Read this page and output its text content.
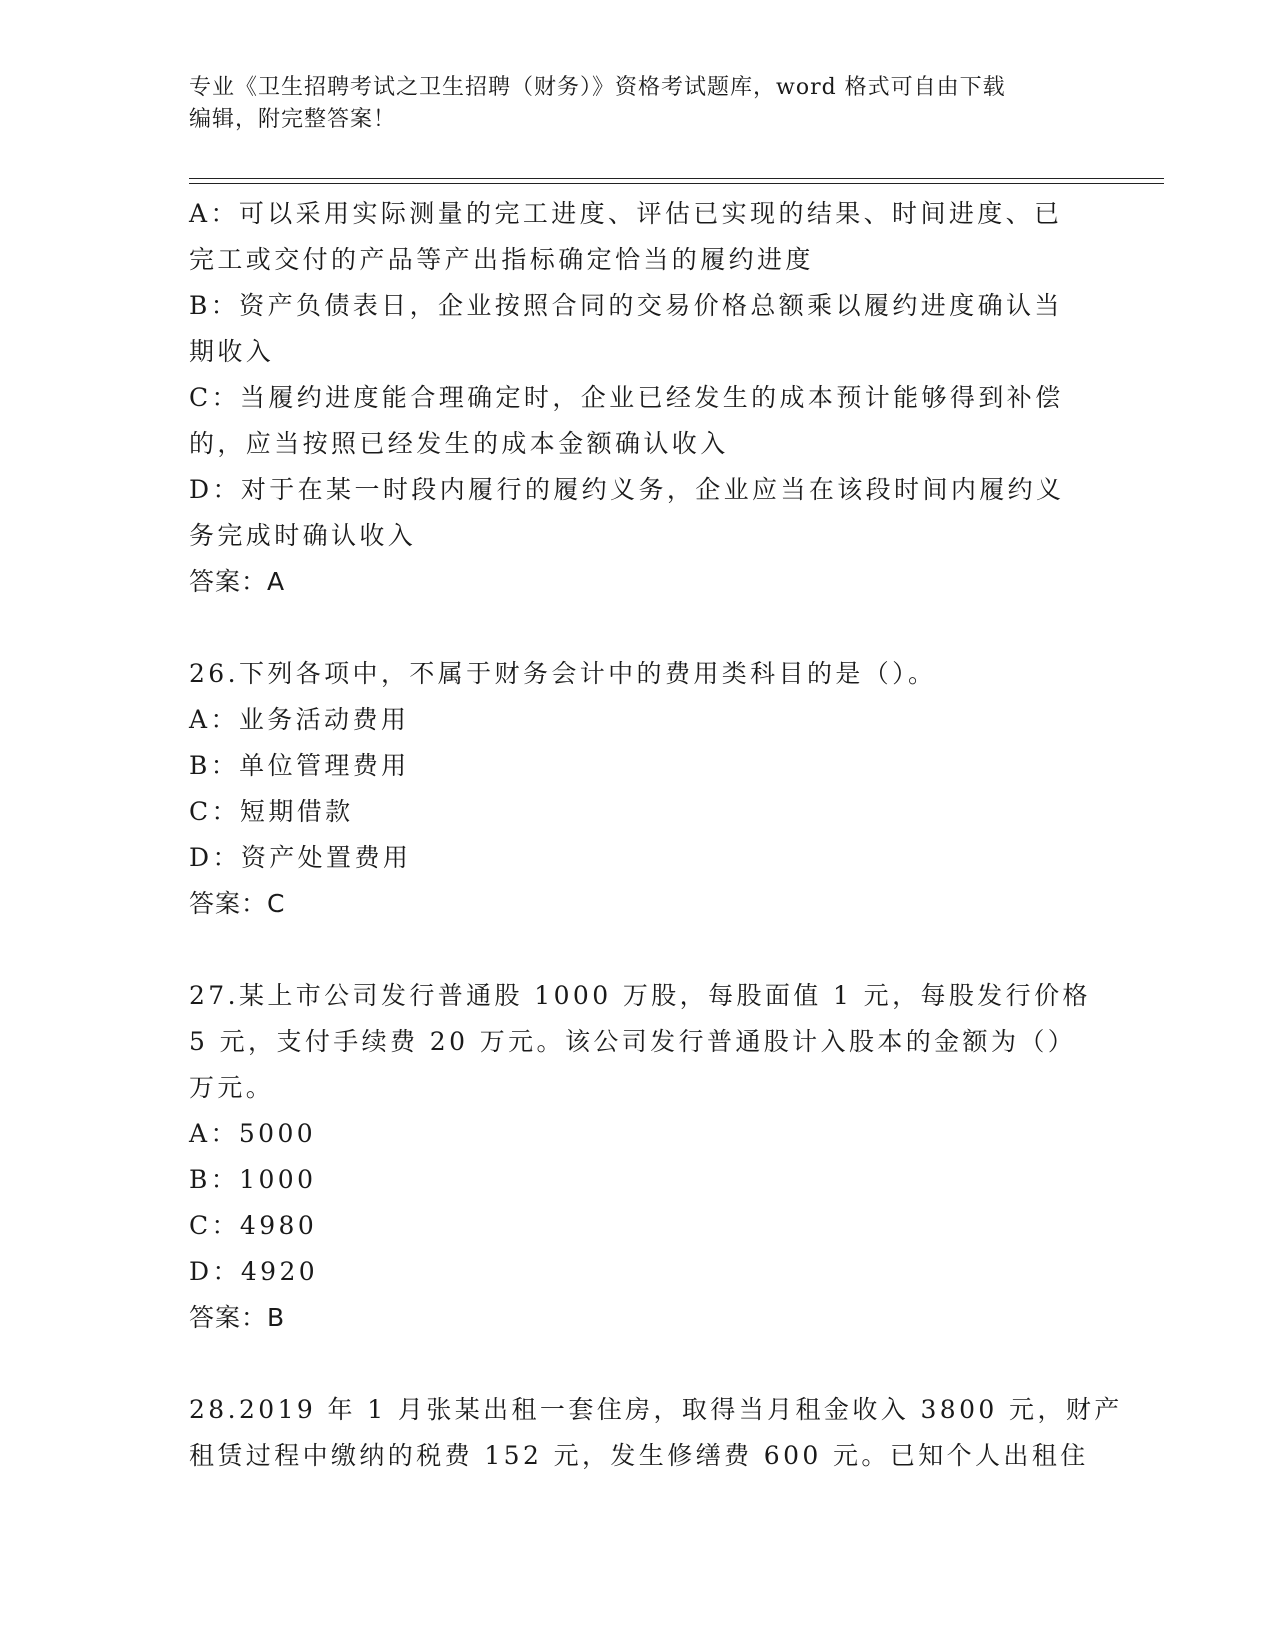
专业《卫生招聘考试之卫生招聘（财务）》资格考试题库，word 格式可自由下载
编辑，附完整答案！
A：可以采用实际测量的完工进度、评估已实现的结果、时间进度、已
完工或交付的产品等产出指标确定恰当的履约进度
B：资产负债表日，企业按照合同的交易价格总额乘以履约进度确认当
期收入
C：当履约进度能合理确定时，企业已经发生的成本预计能够得到补偿
的，应当按照已经发生的成本金额确认收入
D：对于在某一时段内履行的履约义务，企业应当在该段时间内履约义
务完成时确认收入
答案：A
26.下列各项中，不属于财务会计中的费用类科目的是（）。
A：业务活动费用
B：单位管理费用
C：短期借款
D：资产处置费用
答案：C
27.某上市公司发行普通股 1000 万股，每股面值 1 元，每股发行价格
5 元，支付手续费 20 万元。该公司发行普通股计入股本的金额为（）
万元。
A：5000
B：1000
C：4980
D：4920
答案：B
28.2019 年 1 月张某出租一套住房，取得当月租金收入 3800 元，财产
租赁过程中缴纳的税费 152 元，发生修缮费 600 元。已知个人出租住
